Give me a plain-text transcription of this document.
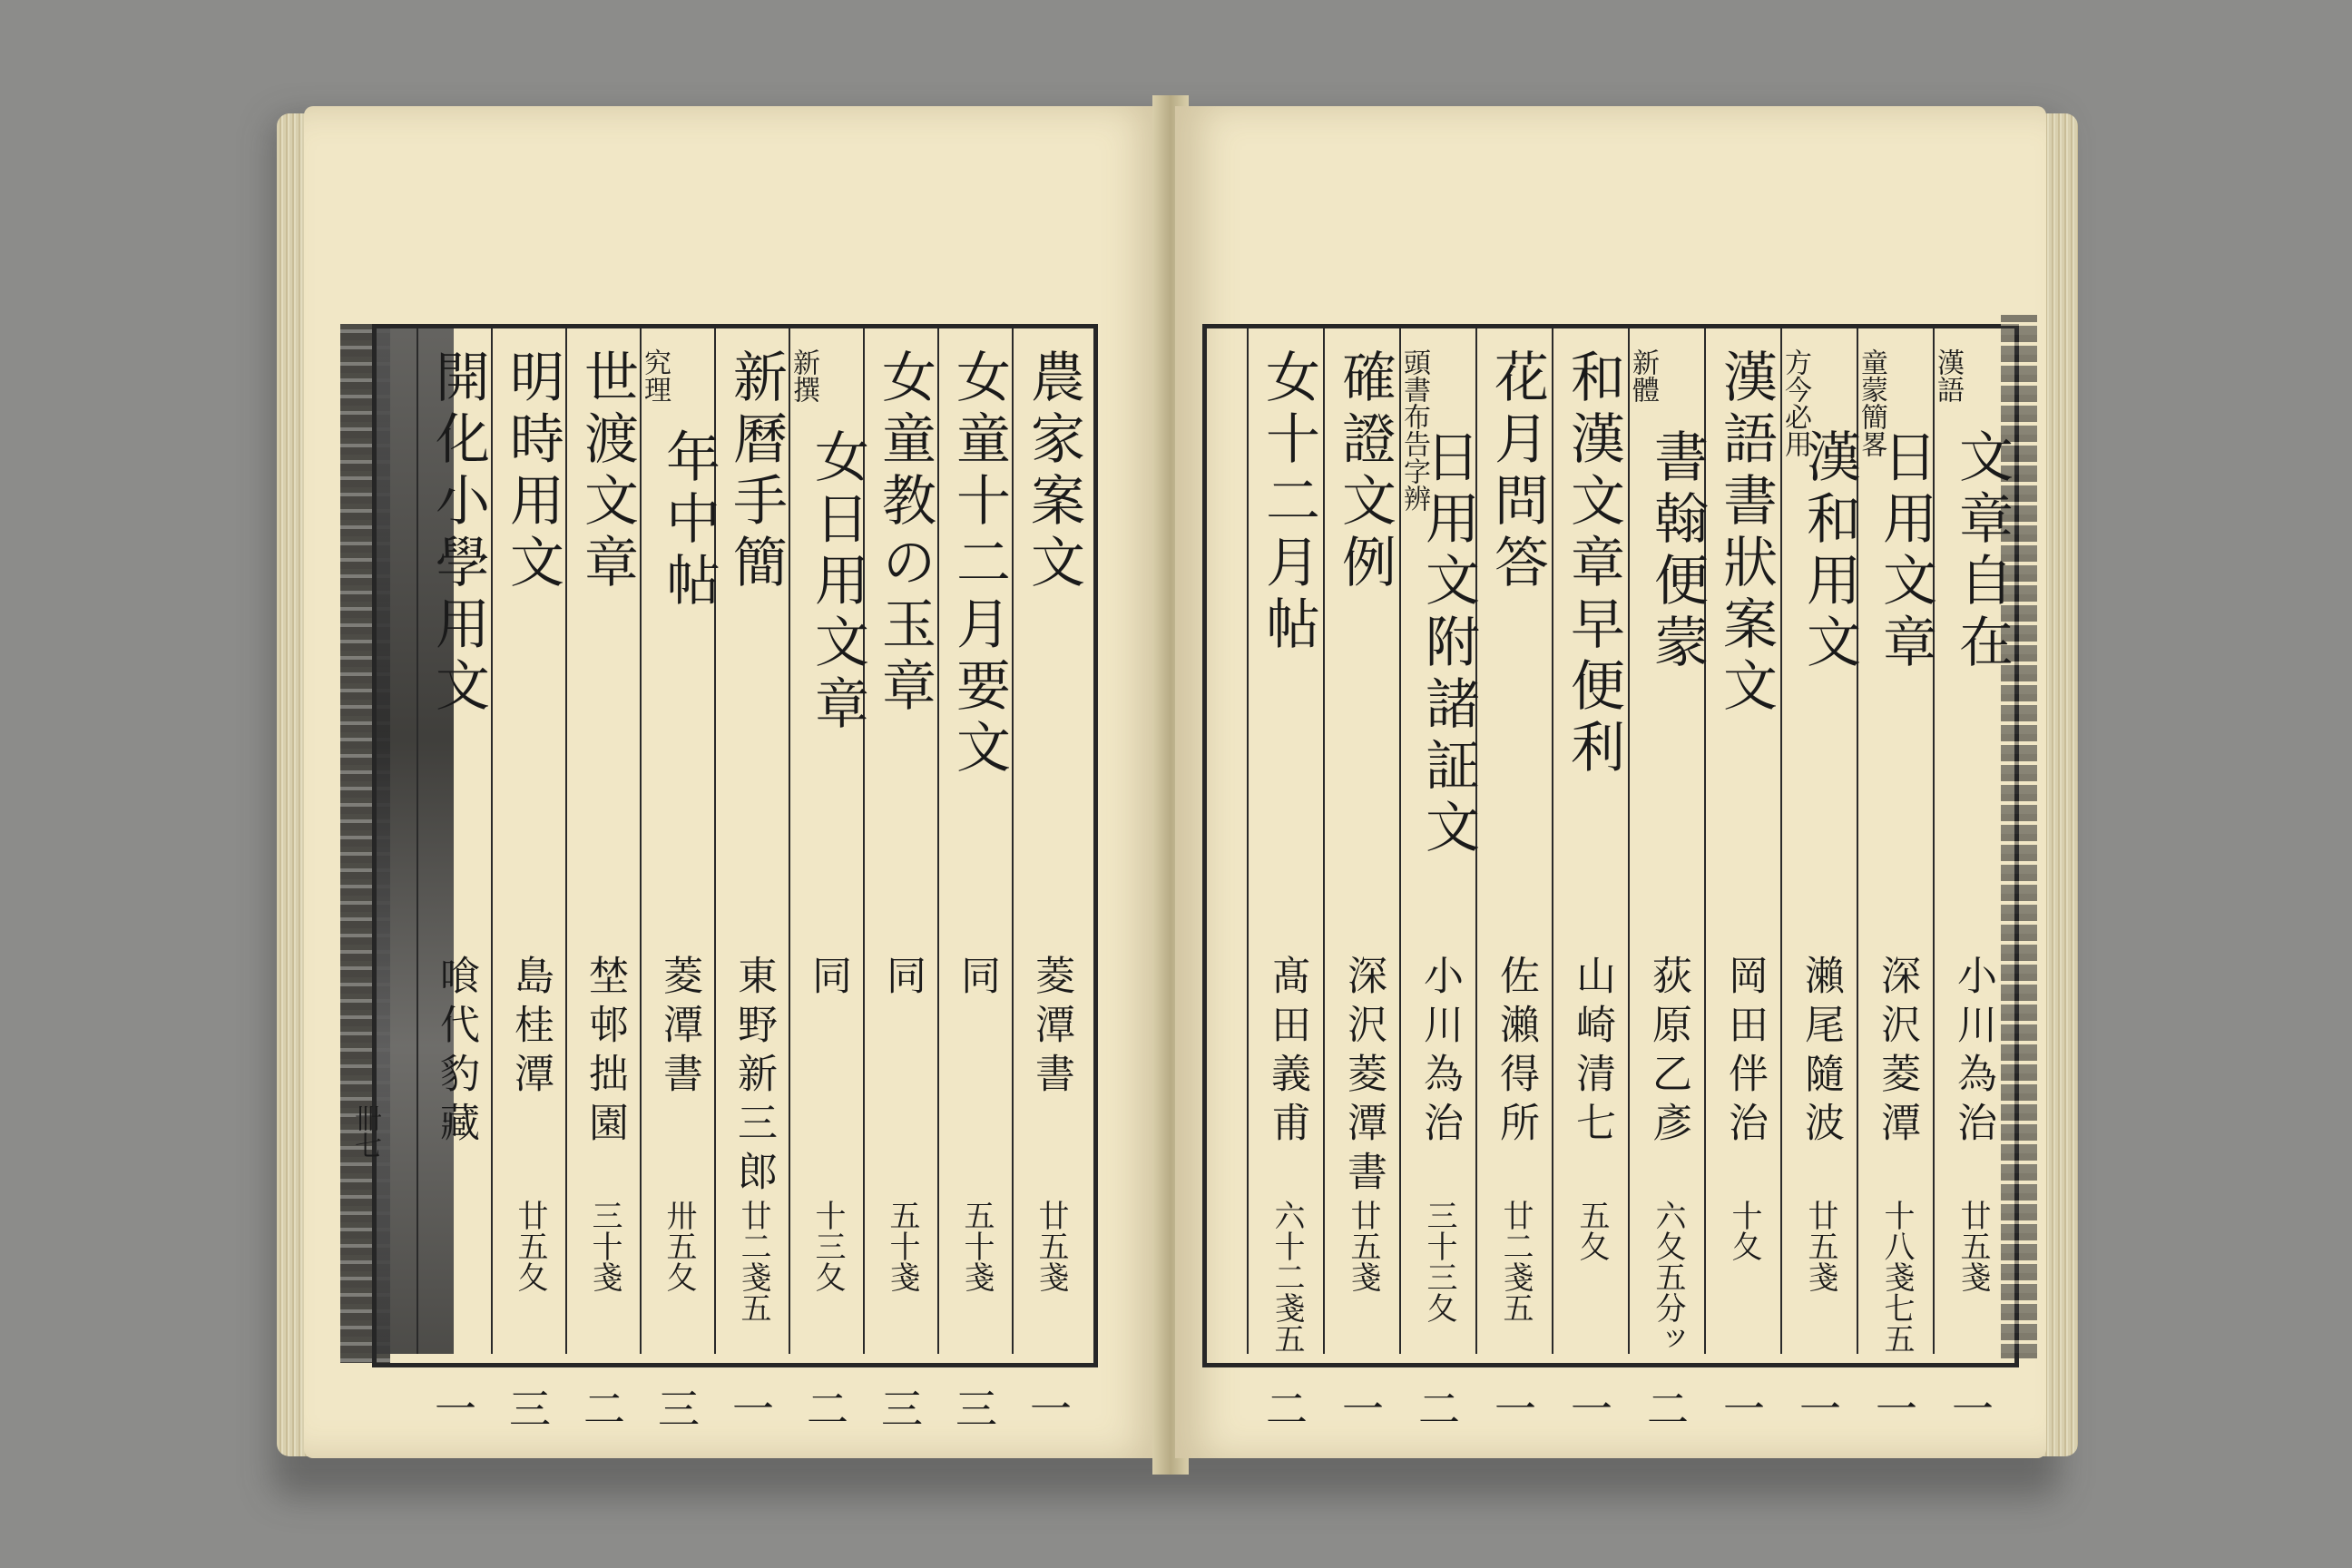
卌七
農家案文
菱潭書
廿五戔
一
女童十二月要文
同
五十戔
三
女童教の玉章
同
五十戔
三
新撰
女日用文章
同
十三夂
二
新曆手簡
東野新三郎
廿二戔五
一
究理
年中帖
菱潭書
卅五夂
三
世渡文章
埜邨拙園
三十戔
二
明時用文
島桂潭
廿五夂
三
開化小學用文
喰代豹藏
一
漢語
文章自在
小川為治
廿五戔
一
童蒙簡畧
日用文章
深沢菱潭
十八戔七五
一
方今必用
漢和用文
瀨尾隨波
廿五戔
一
漢語書狀案文
岡田伴治
十夂
一
新體
書翰便蒙
荻原乙彥
六夂五分ッ
二
和漢文章早便利
山崎清七
五夂
一
花月問答
佐瀨得所
廿二戔五
一
頭書布告字辨
日用文附諸証文
小川為治
三十三夂
二
確證文例
深沢菱潭書
廿五戔
一
女十二月帖
髙田義甫
六十二戔五
二
